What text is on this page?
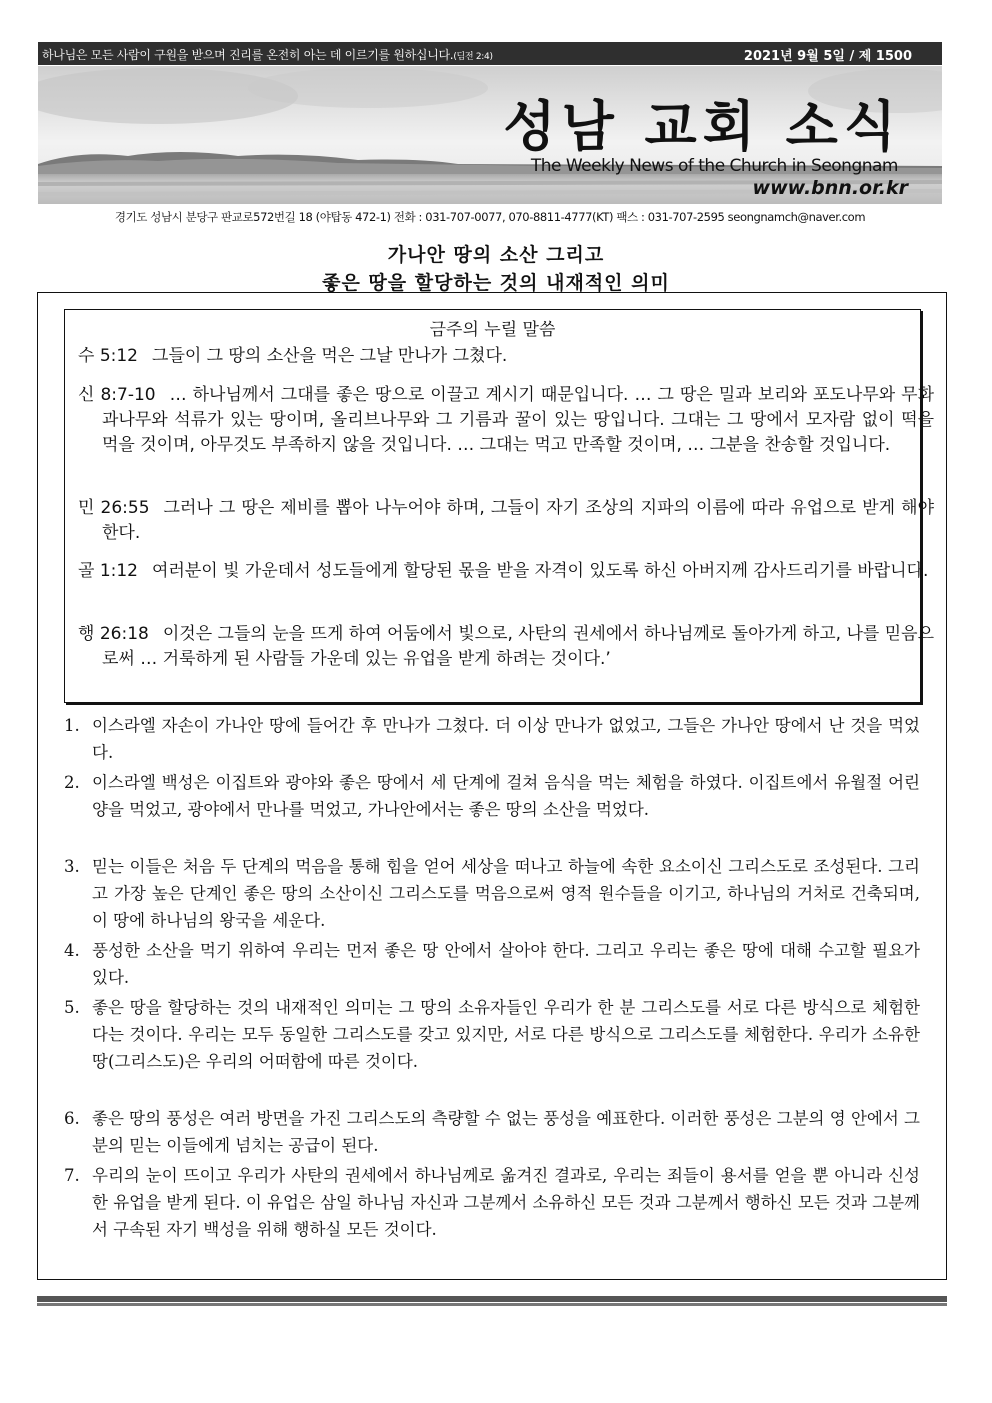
하나님은 모든 사람이 구원을 받으며 진리를 온전히 아는 데 이르기를 원하십니다.(딤전 2:4)	2021년 9월 5일 / 제 1500
성남 교회 소식
The Weekly News of the Church in Seongnam
www.bnn.or.kr
경기도 성남시 분당구 판교로572번길 18 (야탑동 472-1) 전화 : 031-707-0077, 070-8811-4777(KT) 팩스 : 031-707-2595 seongnamch@naver.com
가나안 땅의 소산 그리고
좋은 땅을 할당하는 것의 내재적인 의미
금주의 누릴 말씀
수 5:12 그들이 그 땅의 소산을 먹은 그날 만나가 그쳤다.
신 8:7-10 … 하나님께서 그대를 좋은 땅으로 이끌고 계시기 때문입니다. … 그 땅은 밀과 보리와 포도나무와 무화과나무와 석류가 있는 땅이며, 올리브나무와 그 기름과 꿀이 있는 땅입니다. 그대는 그 땅에서 모자람 없이 떡을 먹을 것이며, 아무것도 부족하지 않을 것입니다. … 그대는 먹고 만족할 것이며, … 그분을 찬송할 것입니다.
민 26:55 그러나 그 땅은 제비를 뽑아 나누어야 하며, 그들이 자기 조상의 지파의 이름에 따라 유업으로 받게 해야 한다.
골 1:12 여러분이 빛 가운데서 성도들에게 할당된 몫을 받을 자격이 있도록 하신 아버지께 감사드리기를 바랍니다.
행 26:18 이것은 그들의 눈을 뜨게 하여 어둠에서 빛으로, 사탄의 권세에서 하나님께로 돌아가게 하고, 나를 믿음으로써 … 거룩하게 된 사람들 가운데 있는 유업을 받게 하려는 것이다.’
1. 이스라엘 자손이 가나안 땅에 들어간 후 만나가 그쳤다. 더 이상 만나가 없었고, 그들은 가나안 땅에서 난 것을 먹었다.
2. 이스라엘 백성은 이집트와 광야와 좋은 땅에서 세 단계에 걸쳐 음식을 먹는 체험을 하였다. 이집트에서 유월절 어린양을 먹었고, 광야에서 만나를 먹었고, 가나안에서는 좋은 땅의 소산을 먹었다.
3. 믿는 이들은 처음 두 단계의 먹음을 통해 힘을 얻어 세상을 떠나고 하늘에 속한 요소이신 그리스도로 조성된다. 그리고 가장 높은 단계인 좋은 땅의 소산이신 그리스도를 먹음으로써 영적 원수들을 이기고, 하나님의 거처로 건축되며, 이 땅에 하나님의 왕국을 세운다.
4. 풍성한 소산을 먹기 위하여 우리는 먼저 좋은 땅 안에서 살아야 한다. 그리고 우리는 좋은 땅에 대해 수고할 필요가 있다.
5. 좋은 땅을 할당하는 것의 내재적인 의미는 그 땅의 소유자들인 우리가 한 분 그리스도를 서로 다른 방식으로 체험한다는 것이다. 우리는 모두 동일한 그리스도를 갖고 있지만, 서로 다른 방식으로 그리스도를 체험한다. 우리가 소유한 땅(그리스도)은 우리의 어떠함에 따른 것이다.
6. 좋은 땅의 풍성은 여러 방면을 가진 그리스도의 측량할 수 없는 풍성을 예표한다. 이러한 풍성은 그분의 영 안에서 그분의 믿는 이들에게 넘치는 공급이 된다.
7. 우리의 눈이 뜨이고 우리가 사탄의 권세에서 하나님께로 옮겨진 결과로, 우리는 죄들이 용서를 얻을 뿐 아니라 신성한 유업을 받게 된다. 이 유업은 삼일 하나님 자신과 그분께서 소유하신 모든 것과 그분께서 행하신 모든 것과 그분께서 구속된 자기 백성을 위해 행하실 모든 것이다.
